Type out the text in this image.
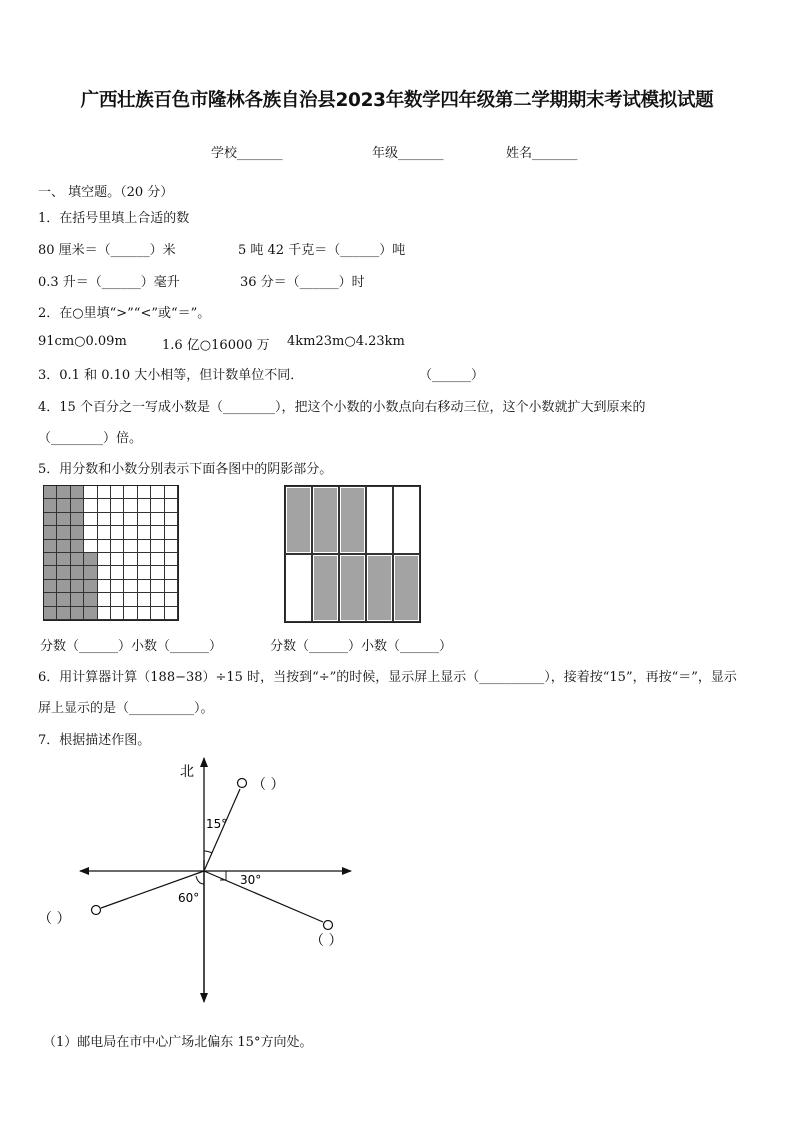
广西壮族百色市隆林各族自治县2023年数学四年级第二学期期末考试模拟试题
学校_______	年级_______	姓名_______
一、 填空题。（20 分）
1．在括号里填上合适的数
80 厘米＝（______）米	5 吨 42 千克＝（______）吨
0.3 升＝（______）毫升	36 分＝（______）时
2．在○里填“>”“<”或“＝”。
91cm○0.09m	1.6 亿○16000 万 4km23m○4.23km
3．0.1 和 0.10 大小相等，但计数单位不同．	（______）
4．15 个百分之一写成小数是（________），把这个小数的小数点向右移动三位，这个小数就扩大到原来的
（________）倍。
5．用分数和小数分别表示下面各图中的阴影部分。
分数（______）小数（______）	分数（______）小数（______）
6．用计算器计算（188−38）÷15 时，当按到“÷”的时候，显示屏上显示（__________），接着按“15”，再按“＝”，显示
屏上显示的是（__________）。
7．根据描述作图。
北
15°
30°
60°
（ ）
（ ）
（ ）
（1）邮电局在市中心广场北偏东 15°方向处。
